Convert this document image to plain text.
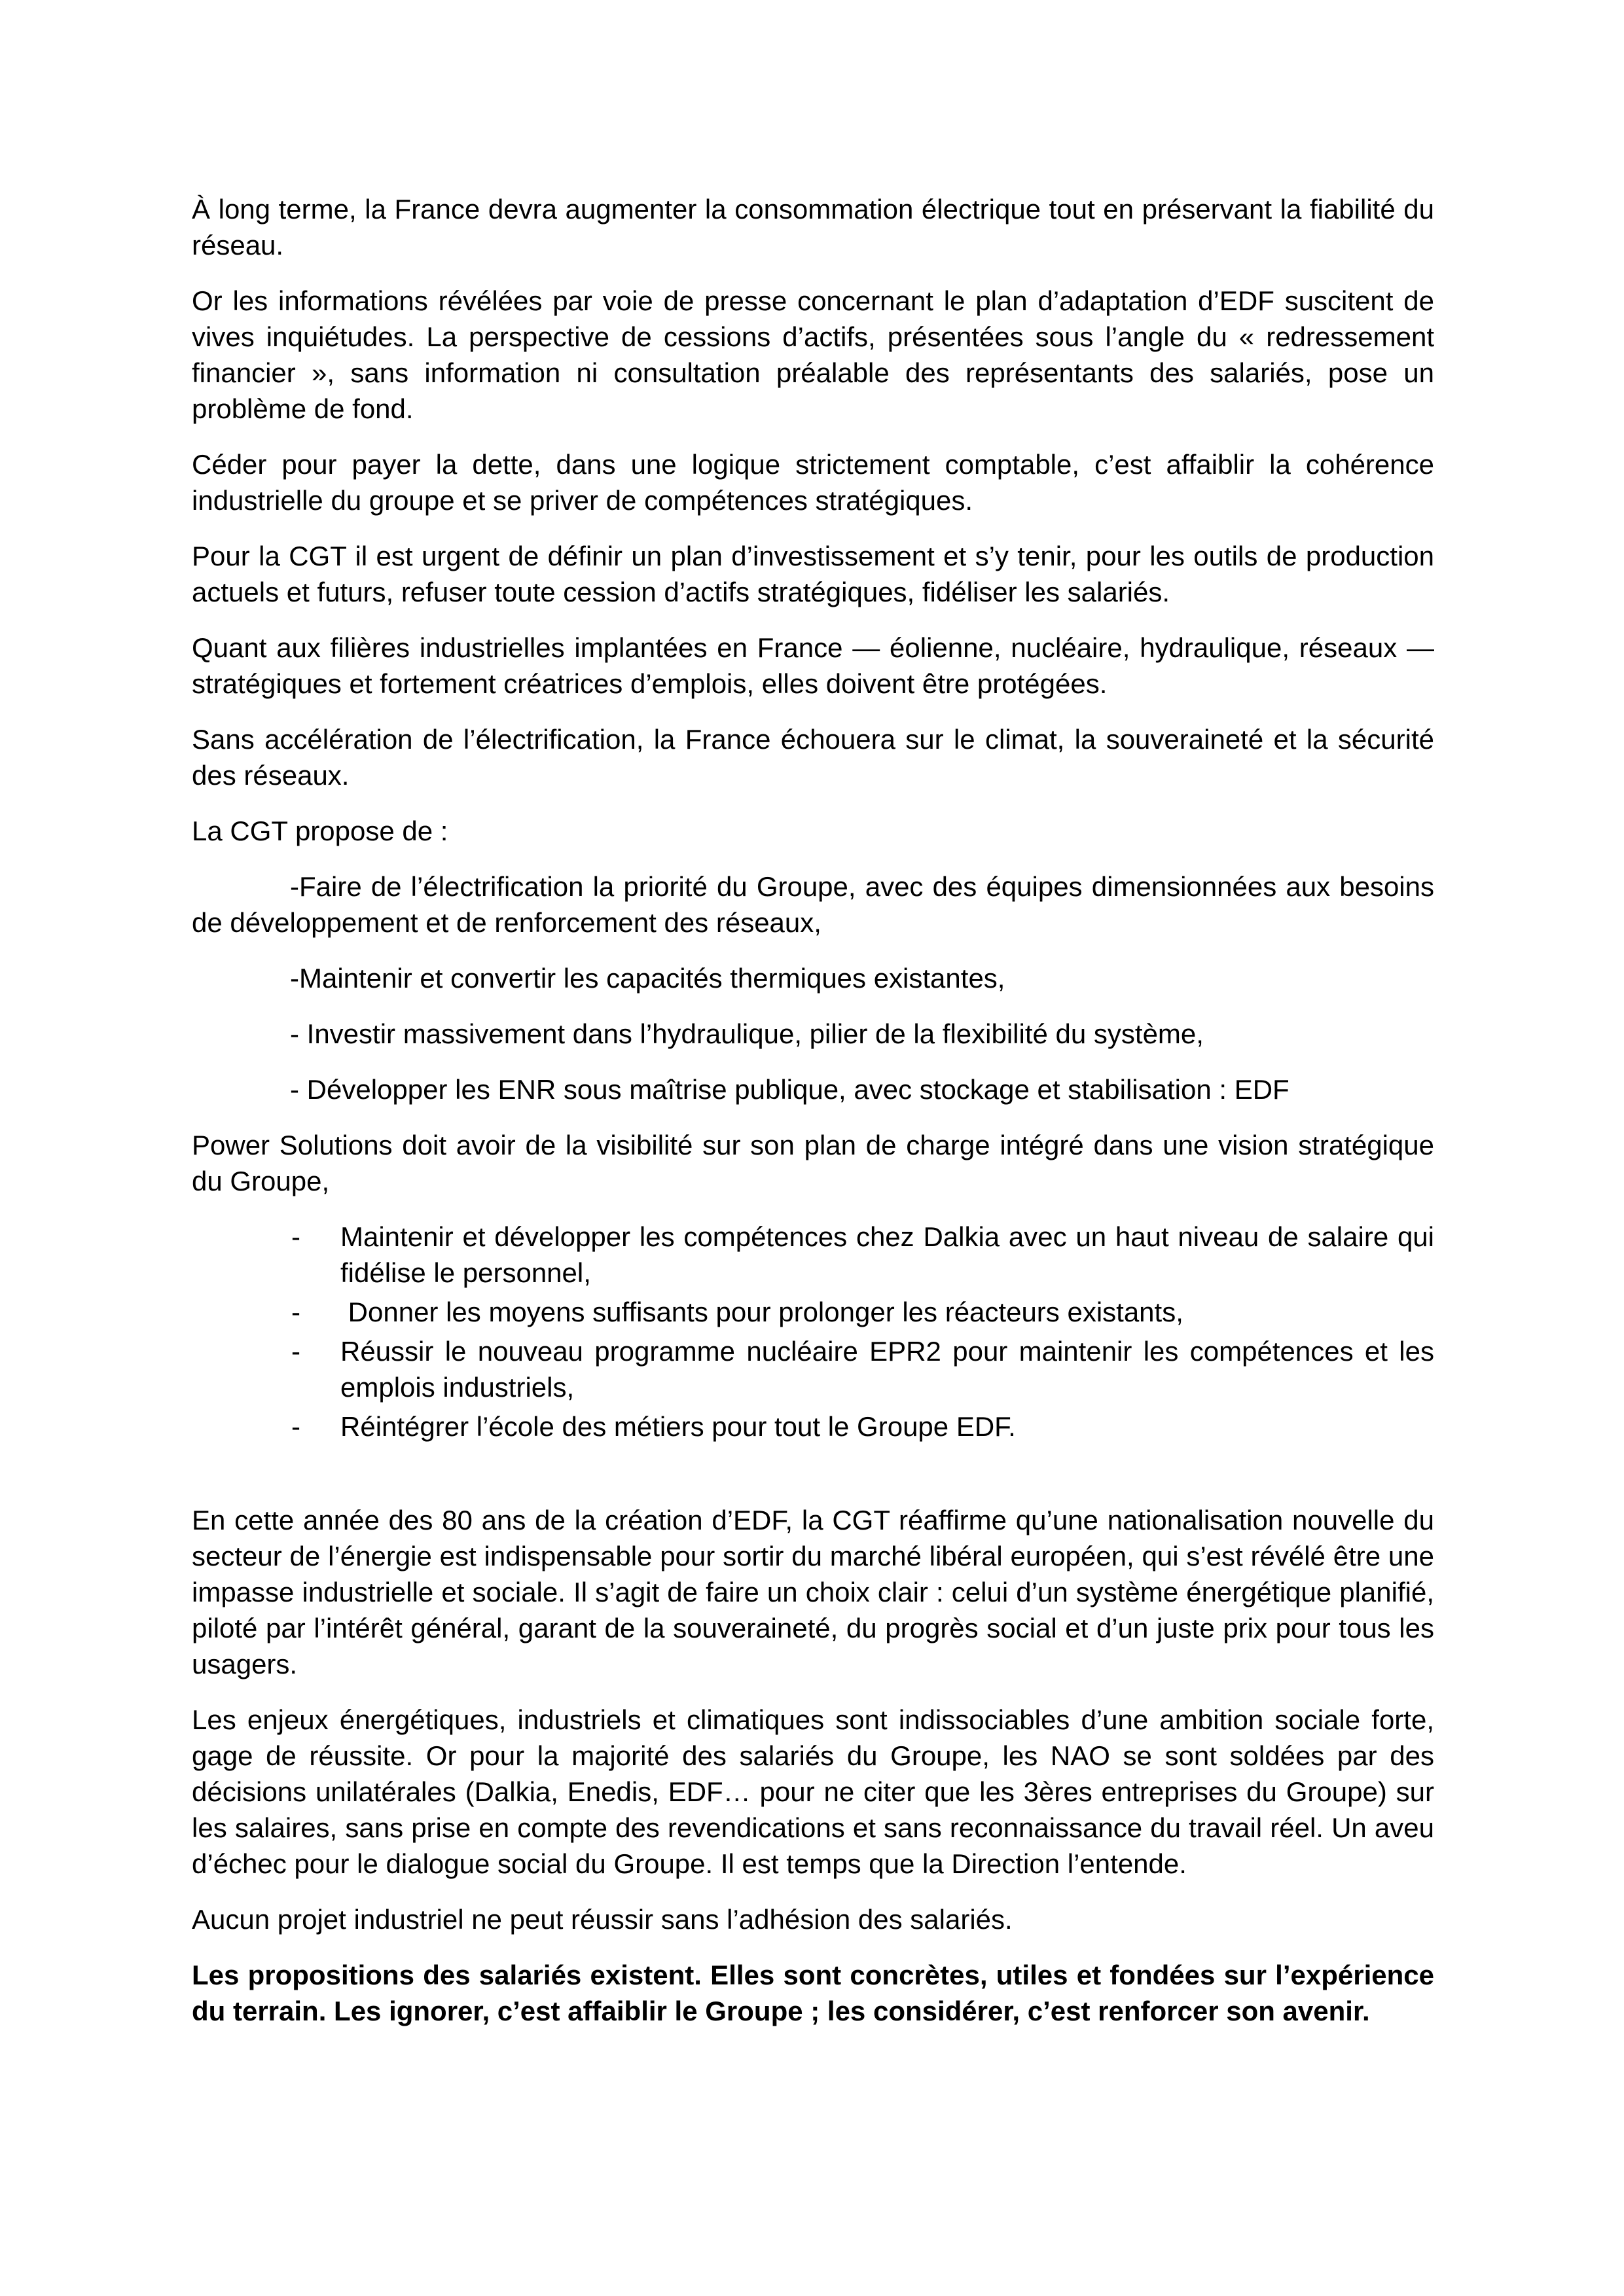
À long terme, la France devra augmenter la consommation électrique tout en préservant la fiabilité du réseau.

Or les informations révélées par voie de presse concernant le plan d’adaptation d’EDF suscitent de vives inquiétudes. La perspective de cessions d’actifs, présentées sous l’angle du « redressement financier », sans information ni consultation préalable des représentants des salariés, pose un problème de fond.

Céder pour payer la dette, dans une logique strictement comptable, c’est affaiblir la cohérence industrielle du groupe et se priver de compétences stratégiques.

Pour la CGT il est urgent de définir un plan d’investissement et s’y tenir, pour les outils de production actuels et futurs, refuser toute cession d’actifs stratégiques, fidéliser les salariés.

Quant aux filières industrielles implantées en France — éolienne, nucléaire, hydraulique, réseaux — stratégiques et fortement créatrices d’emplois, elles doivent être protégées.

Sans accélération de l’électrification, la France échouera sur le climat, la souveraineté et la sécurité des réseaux.

La CGT propose de :

-Faire de l’électrification la priorité du Groupe, avec des équipes dimensionnées aux besoins de développement et de renforcement des réseaux,

-Maintenir et convertir les capacités thermiques existantes,

- Investir massivement dans l’hydraulique, pilier de la flexibilité du système,

- Développer les ENR sous maîtrise publique, avec stockage et stabilisation : EDF

Power Solutions doit avoir de la visibilité sur son plan de charge intégré dans une vision stratégique du Groupe,

- Maintenir et développer les compétences chez Dalkia avec un haut niveau de salaire qui fidélise le personnel,
-  Donner les moyens suffisants pour prolonger les réacteurs existants,
- Réussir le nouveau programme nucléaire EPR2 pour maintenir les compétences et les emplois industriels,
- Réintégrer l’école des métiers pour tout le Groupe EDF.

En cette année des 80 ans de la création d’EDF, la CGT réaffirme qu’une nationalisation nouvelle du secteur de l’énergie est indispensable pour sortir du marché libéral européen, qui s’est révélé être une impasse industrielle et sociale. Il s’agit de faire un choix clair : celui d’un système énergétique planifié, piloté par l’intérêt général, garant de la souveraineté, du progrès social et d’un juste prix pour tous les usagers.

Les enjeux énergétiques, industriels et climatiques sont indissociables d’une ambition sociale forte, gage de réussite. Or pour la majorité des salariés du Groupe, les NAO se sont soldées par des décisions unilatérales (Dalkia, Enedis, EDF… pour ne citer que les 3ères entreprises du Groupe) sur les salaires, sans prise en compte des revendications et sans reconnaissance du travail réel. Un aveu d’échec pour le dialogue social du Groupe. Il est temps que la Direction l’entende.

Aucun projet industriel ne peut réussir sans l’adhésion des salariés.

Les propositions des salariés existent. Elles sont concrètes, utiles et fondées sur l’expérience du terrain. Les ignorer, c’est affaiblir le Groupe ; les considérer, c’est renforcer son avenir.
